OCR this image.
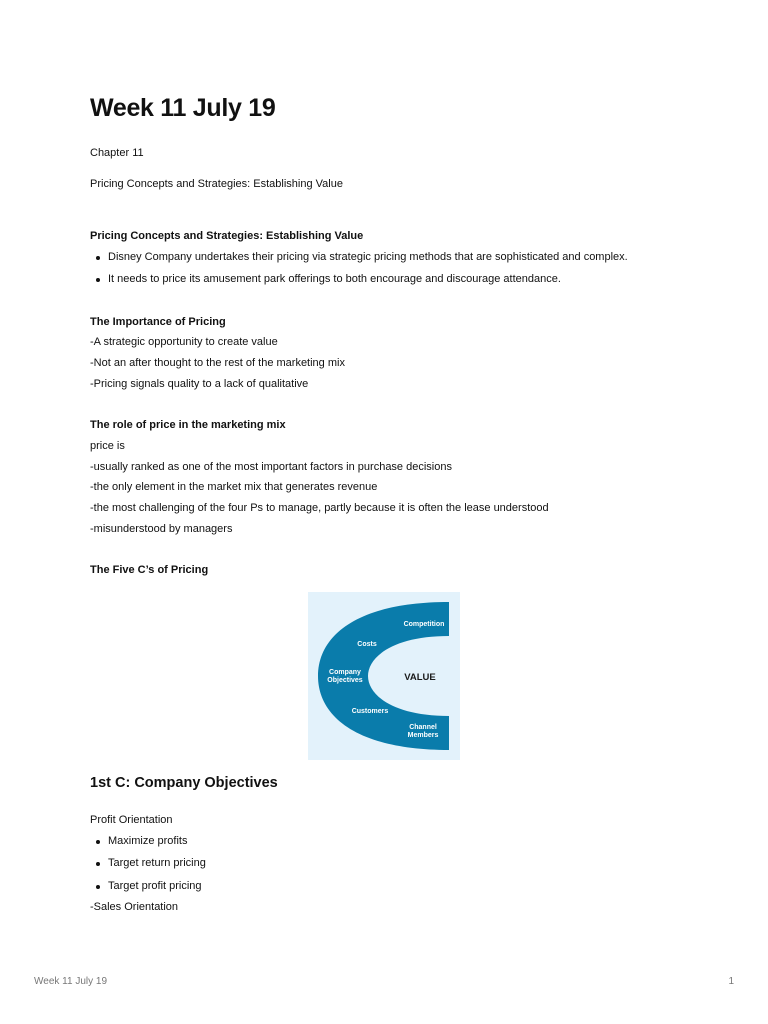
Week 11 July 19
Chapter 11
Pricing Concepts and Strategies: Establishing Value
Pricing Concepts and Strategies: Establishing Value
Disney Company undertakes their pricing via strategic pricing methods that are sophisticated and complex.
It needs to price its amusement park offerings to both encourage and discourage attendance.
The Importance of Pricing
-A strategic opportunity to create value
-Not an after thought to the rest of the marketing mix
-Pricing signals quality to a lack of qualitative
The role of price in the marketing mix
price is
-usually ranked as one of the most important factors in purchase decisions
-the only element in the market mix that generates revenue
-the most challenging of the four Ps to manage, partly because it is often the lease understood
-misunderstood by managers
The Five C’s of Pricing
Competition
Costs
Company
Objectives	VALUE
Customers
Channel
Members
1st C: Company Objectives
Profit Orientation
Maximize profits
Target return pricing
Target profit pricing
-Sales Orientation
Week 11 July 19	1
